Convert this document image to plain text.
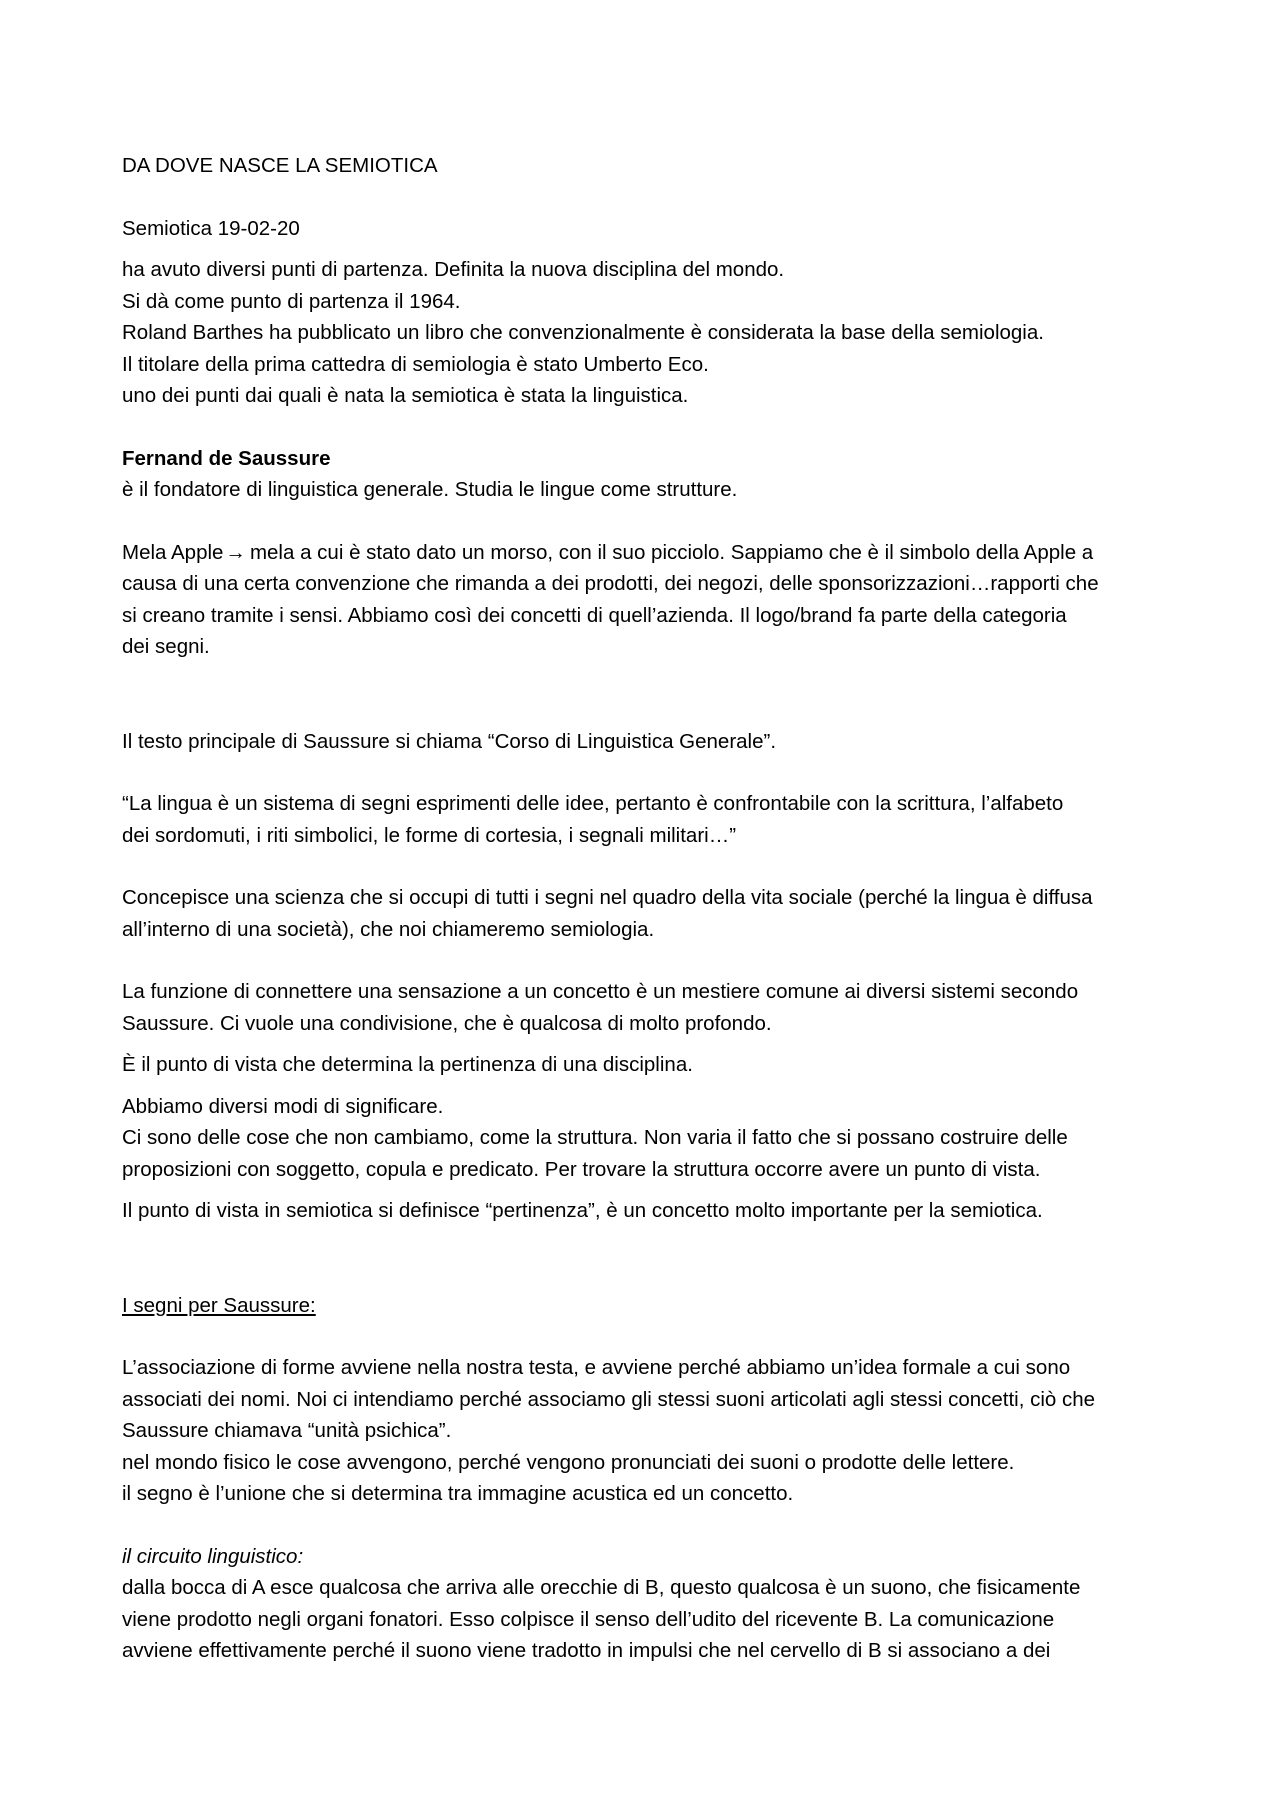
DA DOVE NASCE LA SEMIOTICA
Semiotica 19-02-20
ha avuto diversi punti di partenza. Definita la nuova disciplina del mondo.
Si dà come punto di partenza il 1964.
Roland Barthes ha pubblicato un libro che convenzionalmente è considerata la base della semiologia.
Il titolare della prima cattedra di semiologia è stato Umberto Eco.
uno dei punti dai quali è nata la semiotica è stata la linguistica.
Fernand de Saussure
è il fondatore di linguistica generale. Studia le lingue come strutture.
Mela Apple→ mela a cui è stato dato un morso, con il suo picciolo. Sappiamo che è il simbolo della Apple a
causa di una certa convenzione che rimanda a dei prodotti, dei negozi, delle sponsorizzazioni…rapporti che
si creano tramite i sensi. Abbiamo così dei concetti di quell’azienda. Il logo/brand fa parte della categoria
dei segni.
Il testo principale di Saussure si chiama “Corso di Linguistica Generale”.
“La lingua è un sistema di segni esprimenti delle idee, pertanto è confrontabile con la scrittura, l’alfabeto
dei sordomuti, i riti simbolici, le forme di cortesia, i segnali militari…”
Concepisce una scienza che si occupi di tutti i segni nel quadro della vita sociale (perché la lingua è diffusa
all’interno di una società), che noi chiameremo semiologia.
La funzione di connettere una sensazione a un concetto è un mestiere comune ai diversi sistemi secondo
Saussure. Ci vuole una condivisione, che è qualcosa di molto profondo.
È il punto di vista che determina la pertinenza di una disciplina.
Abbiamo diversi modi di significare.
Ci sono delle cose che non cambiamo, come la struttura. Non varia il fatto che si possano costruire delle
proposizioni con soggetto, copula e predicato. Per trovare la struttura occorre avere un punto di vista.
Il punto di vista in semiotica si definisce “pertinenza”, è un concetto molto importante per la semiotica.
I segni per Saussure:
L’associazione di forme avviene nella nostra testa, e avviene perché abbiamo un’idea formale a cui sono
associati dei nomi. Noi ci intendiamo perché associamo gli stessi suoni articolati agli stessi concetti, ciò che
Saussure chiamava “unità psichica”.
nel mondo fisico le cose avvengono, perché vengono pronunciati dei suoni o prodotte delle lettere.
il segno è l’unione che si determina tra immagine acustica ed un concetto.
il circuito linguistico:
dalla bocca di A esce qualcosa che arriva alle orecchie di B, questo qualcosa è un suono, che fisicamente
viene prodotto negli organi fonatori. Esso colpisce il senso dell’udito del ricevente B. La comunicazione
avviene effettivamente perché il suono viene tradotto in impulsi che nel cervello di B si associano a dei
